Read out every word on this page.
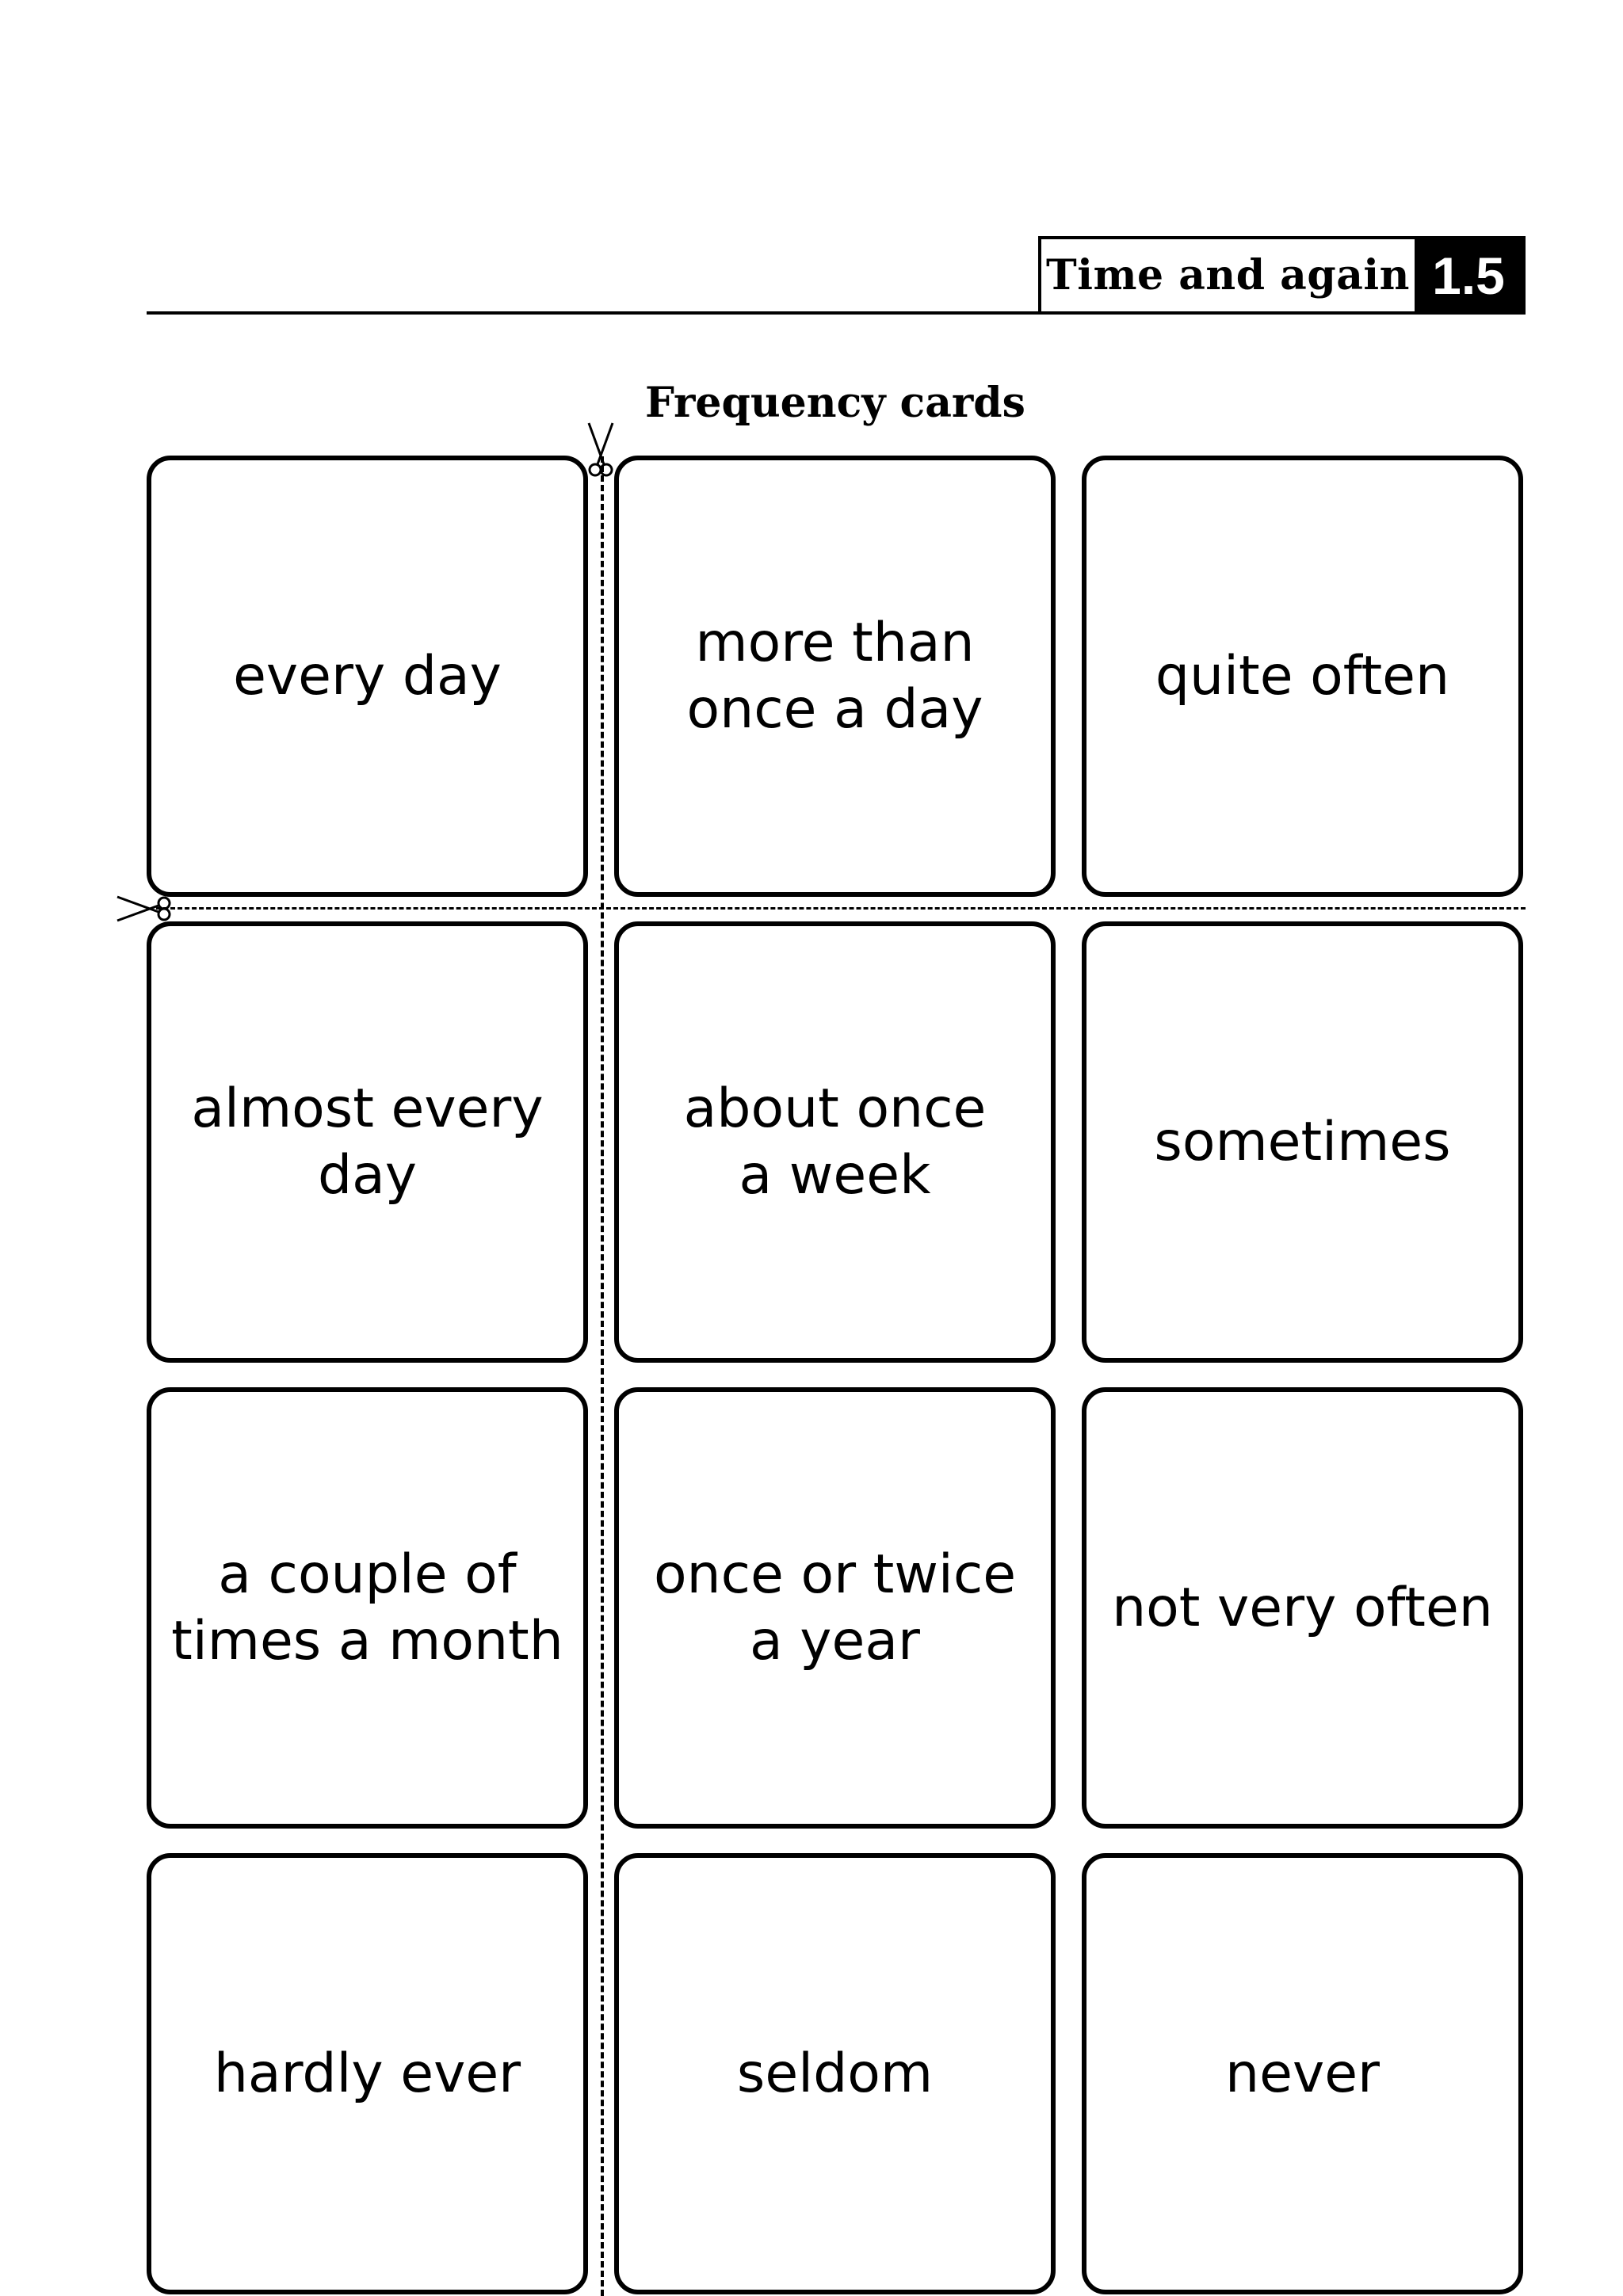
Time and again 1.5
Frequency cards
every day
more than
once a day
quite often
almost every day
about once
a week
sometimes
a couple of
times a month
once or twice
a year
not very often
hardly ever	seldom	never
